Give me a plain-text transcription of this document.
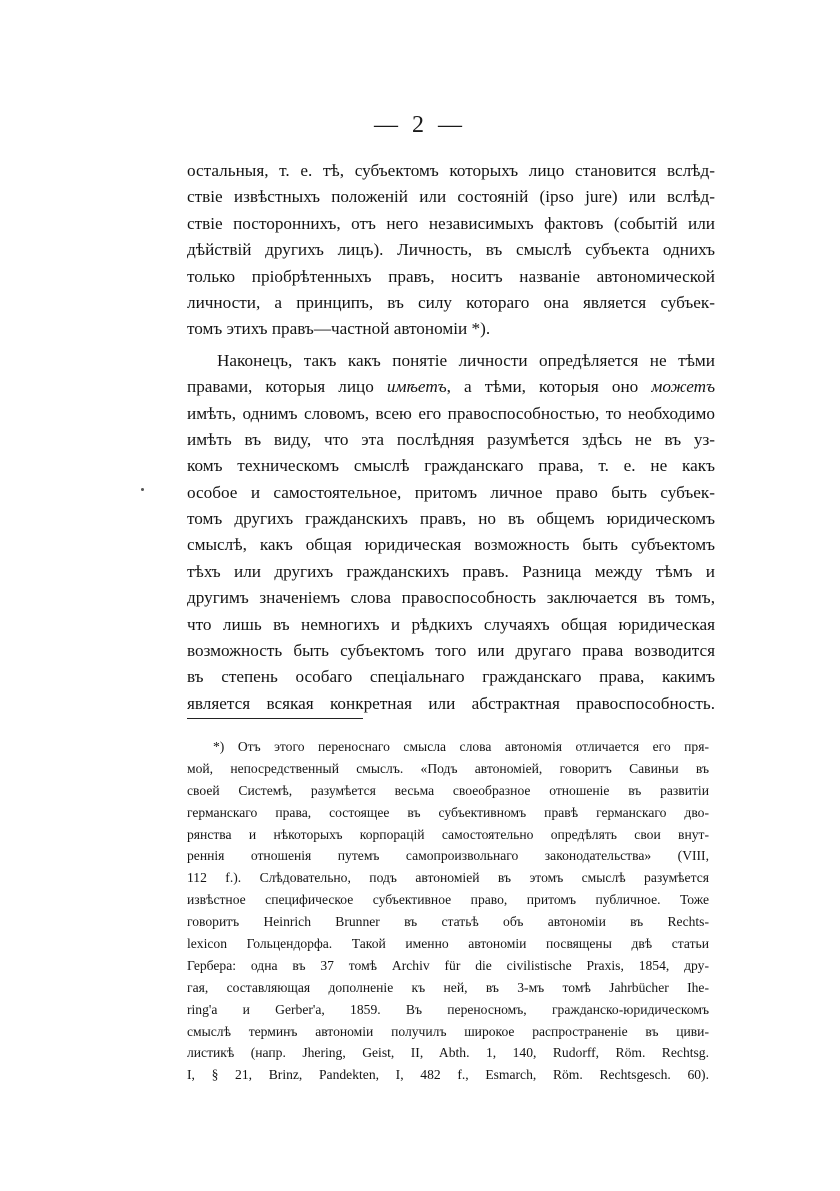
— 2 —
остальныя, т. е. тѣ, субъектомъ которыхъ лицо становится вслѣд-
ствіе извѣстныхъ положеній или состояній (ipso jure) или вслѣд-
ствіе постороннихъ, отъ него независимыхъ фактовъ (событій или
дѣйствій другихъ лицъ). Личность, въ смыслѣ субъекта однихъ
только пріобрѣтенныхъ правъ, носитъ названіе автономической
личности, а принципъ, въ силу котораго она является субъек-
томъ этихъ правъ—частной автономіи *).
Наконецъ, такъ какъ понятіе личности опредѣляется не тѣми
правами, которыя лицо имѣетъ, а тѣми, которыя оно можетъ
имѣть, однимъ словомъ, всею его правоспособностью, то необходимо
имѣть въ виду, что эта послѣдняя разумѣется здѣсь не въ уз-
комъ техническомъ смыслѣ гражданскаго права, т. е. не какъ
особое и самостоятельное, притомъ личное право быть субъек-
томъ другихъ гражданскихъ правъ, но въ общемъ юридическомъ
смыслѣ, какъ общая юридическая возможность быть субъектомъ
тѣхъ или другихъ гражданскихъ правъ. Разница между тѣмъ и
другимъ значеніемъ слова правоспособность заключается въ томъ,
что лишь въ немногихъ и рѣдкихъ случаяхъ общая юридическая
возможность быть субъектомъ того или другаго права возводится
въ степень особаго спеціальнаго гражданскаго права, какимъ
является всякая конкретная или абстрактная правоспособность.
*) Отъ этого переноснаго смысла слова автономія отличается его пря-
мой, непосредственный смыслъ. «Подъ автономіей, говоритъ Савиньи въ
своей Системѣ, разумѣется весьма своеобразное отношеніе въ развитіи
германскаго права, состоящее въ субъективномъ правѣ германскаго дво-
рянства и нѣкоторыхъ корпорацій самостоятельно опредѣлять свои внут-
реннія отношенія путемъ самопроизвольнаго законодательства» (VIII,
112 f.). Слѣдовательно, подъ автономіей въ этомъ смыслѣ разумѣется
извѣстное специфическое субъективное право, притомъ публичное. Тоже
говоритъ Heinrich Brunner въ статьѣ объ автономіи въ Rechts-
lexicon Гольцендорфа. Такой именно автономіи посвящены двѣ статьи
Гербера: одна въ 37 томѣ Archiv für die civilistische Praxis, 1854, дру-
гая, составляющая дополненіе къ ней, въ 3-мъ томѣ Jahrbücher Ihe-
ring'a и Gerber'a, 1859. Въ переносномъ, гражданско-юридическомъ
смыслѣ терминъ автономіи получилъ широкое распространеніе въ циви-
листикѣ (напр. Jhering, Geist, II, Abth. 1, 140, Rudorff, Röm. Rechtsg.
I, § 21, Brinz, Pandekten, I, 482 f., Esmarch, Röm. Rechtsgesch. 60).
